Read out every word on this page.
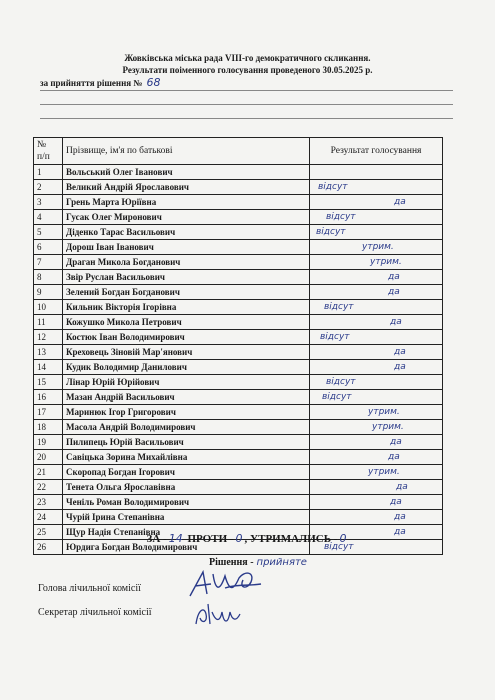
Жовківська міська рада VIII-го демократичного скликання.
Результати поіменного голосування проведеного 30.05.2025 р.
за прийняття рішення № 68
№
п/п	Прізвище, ім'я по батькові	Результат голосування
1	Вольський Олег Іванович	

2	Великий Андрій Ярославович	відсут

3	Грень Марта Юріївна	да

4	Гусак Олег Миронович	відсут

5	Діденко Тарас Васильович	відсут

6	Дорош Іван Іванович	утрим.

7	Драган Микола Богданович	утрим.

8	Звір Руслан Васильович	да

9	Зелений Богдан Богданович	да

10	Кильник Вікторія Ігорівна	відсут

11	Кожушко Микола Петрович	да

12	Костюк Іван Володимирович	відсут

13	Креховець Зіновій Мар'янович	да

14	Кудик Володимир Данилович	да

15	Лінар Юрій Юрійович	відсут

16	Мазан Андрій Васильович	відсут

17	Маринюк Ігор Григорович	утрим.

18	Масола Андрій Володимирович	утрим.

19	Пилипець Юрій Васильович	да

20	Савіцька Зорина Михайлівна	да

21	Скоропад Богдан Ігорович	утрим.

22	Тенета Ольга Ярославівна	да

23	Ченіль Роман Володимирович	да

24	Чурій Ірина Степанівна	да

25	Щур Надія Степанівна	да

26	Юрдига Богдан Володимирович	відсут
ЗА - 14 ПРОТИ - 0 , УТРИМАЛИСЬ - 0
Рішення - прийняте
Голова лічильної комісії
Секретар лічильної комісії
